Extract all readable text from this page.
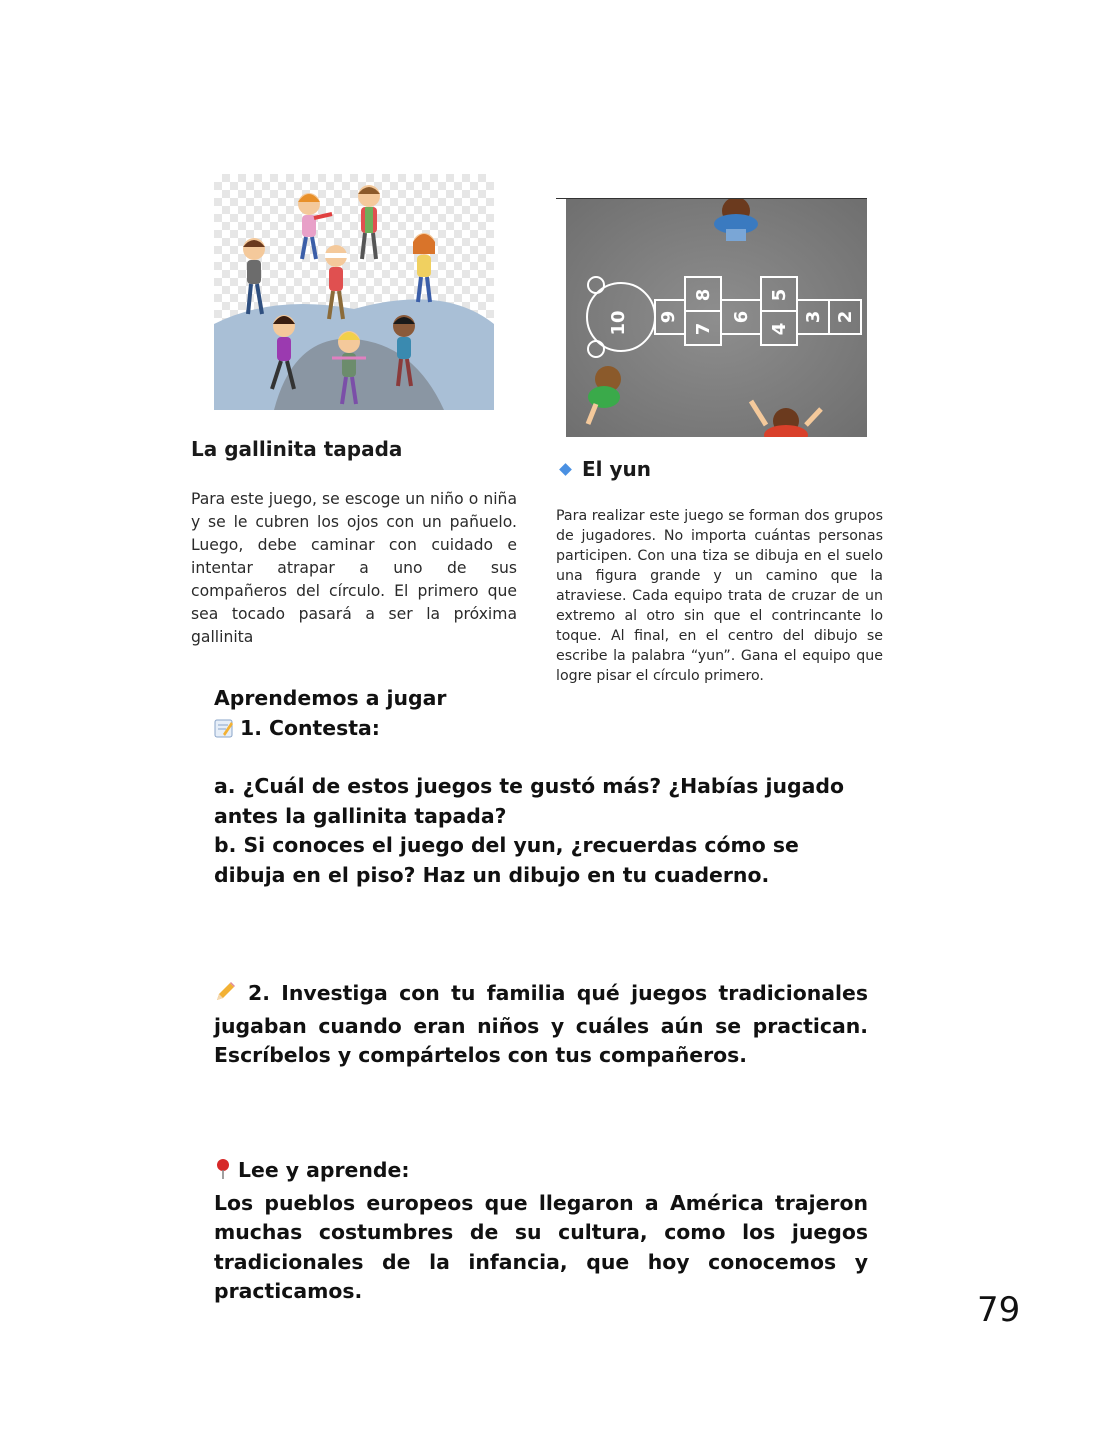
10 9
8
7
6
5
4
3 2
La gallinita tapada
Para este juego, se escoge un niño o niña y se le cubren los ojos con un pañuelo. Luego, debe caminar con cuidado e intentar atrapar a uno de sus compañeros del círculo. El primero que sea tocado pasará a ser la próxima gallinita
El yun
Para realizar este juego se forman dos grupos de jugadores. No importa cuántas personas participen. Con una tiza se dibuja en el suelo una figura grande y un camino que la atraviese. Cada equipo trata de cruzar de un extremo al otro sin que el contrincante lo toque. Al final, en el centro del dibujo se escribe la palabra “yun”. Gana el equipo que logre pisar el círculo primero.
Aprendemos a jugar
1. Contesta:
a. ¿Cuál de estos juegos te gustó más? ¿Habías jugado antes la gallinita tapada?
b. Si conoces el juego del yun, ¿recuerdas cómo se dibuja en el piso? Haz un dibujo en tu cuaderno.
2. Investiga con tu familia qué juegos tradicionales jugaban cuando eran niños y cuáles aún se practican. Escríbelos y compártelos con tus compañeros.
Lee y aprende:
Los pueblos europeos que llegaron a América trajeron muchas costumbres de su cultura, como los juegos tradicionales de la infancia, que hoy conocemos y practicamos.	79
